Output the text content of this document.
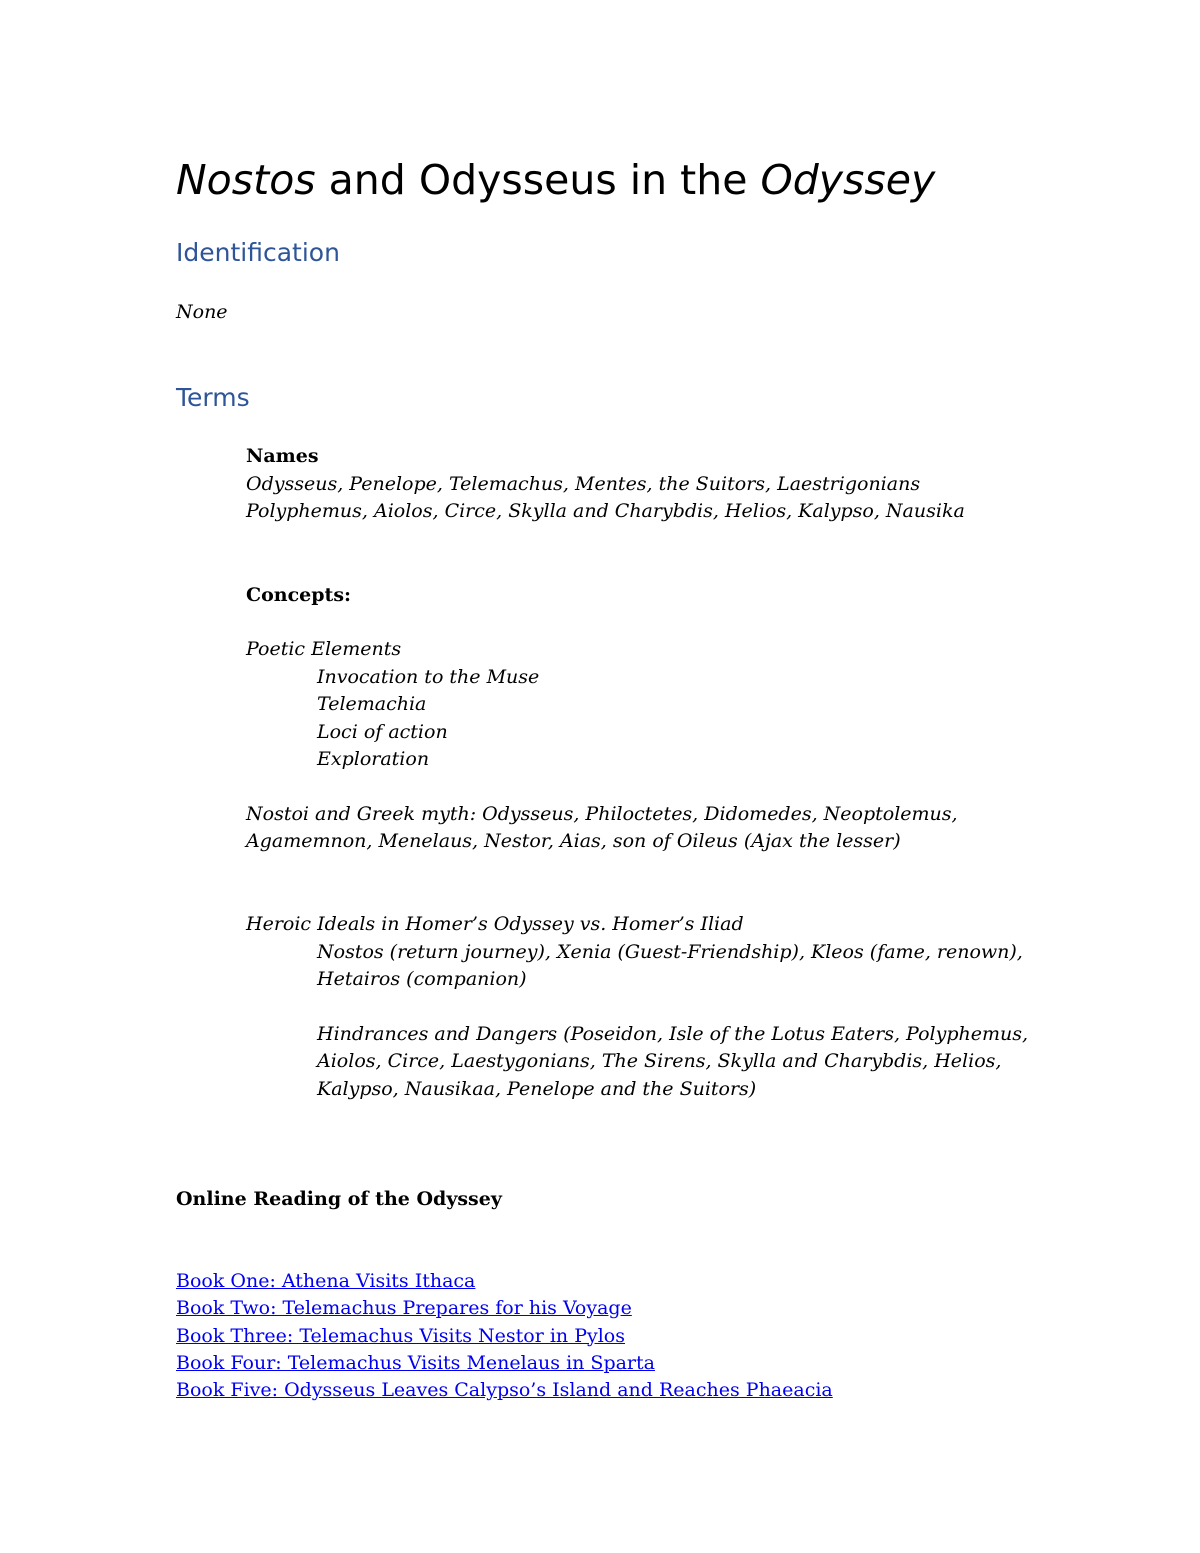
Nostos and Odysseus in the Odyssey
Identification
None
Terms
Names
Odysseus, Penelope, Telemachus, Mentes, the Suitors, Laestrigonians
Polyphemus, Aiolos, Circe, Skylla and Charybdis, Helios, Kalypso, Nausika
Concepts:
Poetic Elements
Invocation to the Muse
Telemachia
Loci of action
Exploration
Nostoi and Greek myth: Odysseus, Philoctetes, Didomedes, Neoptolemus,
Agamemnon, Menelaus, Nestor, Aias, son of Oileus (Ajax the lesser)
Heroic Ideals in Homer’s Odyssey vs. Homer’s Iliad
Nostos (return journey), Xenia (Guest-Friendship), Kleos (fame, renown),
Hetairos (companion)
Hindrances and Dangers (Poseidon, Isle of the Lotus Eaters, Polyphemus,
Aiolos, Circe, Laestygonians, The Sirens, Skylla and Charybdis, Helios,
Kalypso, Nausikaa, Penelope and the Suitors)
Online Reading of the Odyssey
Book One: Athena Visits Ithaca
Book Two: Telemachus Prepares for his Voyage
Book Three: Telemachus Visits Nestor in Pylos
Book Four: Telemachus Visits Menelaus in Sparta
Book Five: Odysseus Leaves Calypso’s Island and Reaches Phaeacia
